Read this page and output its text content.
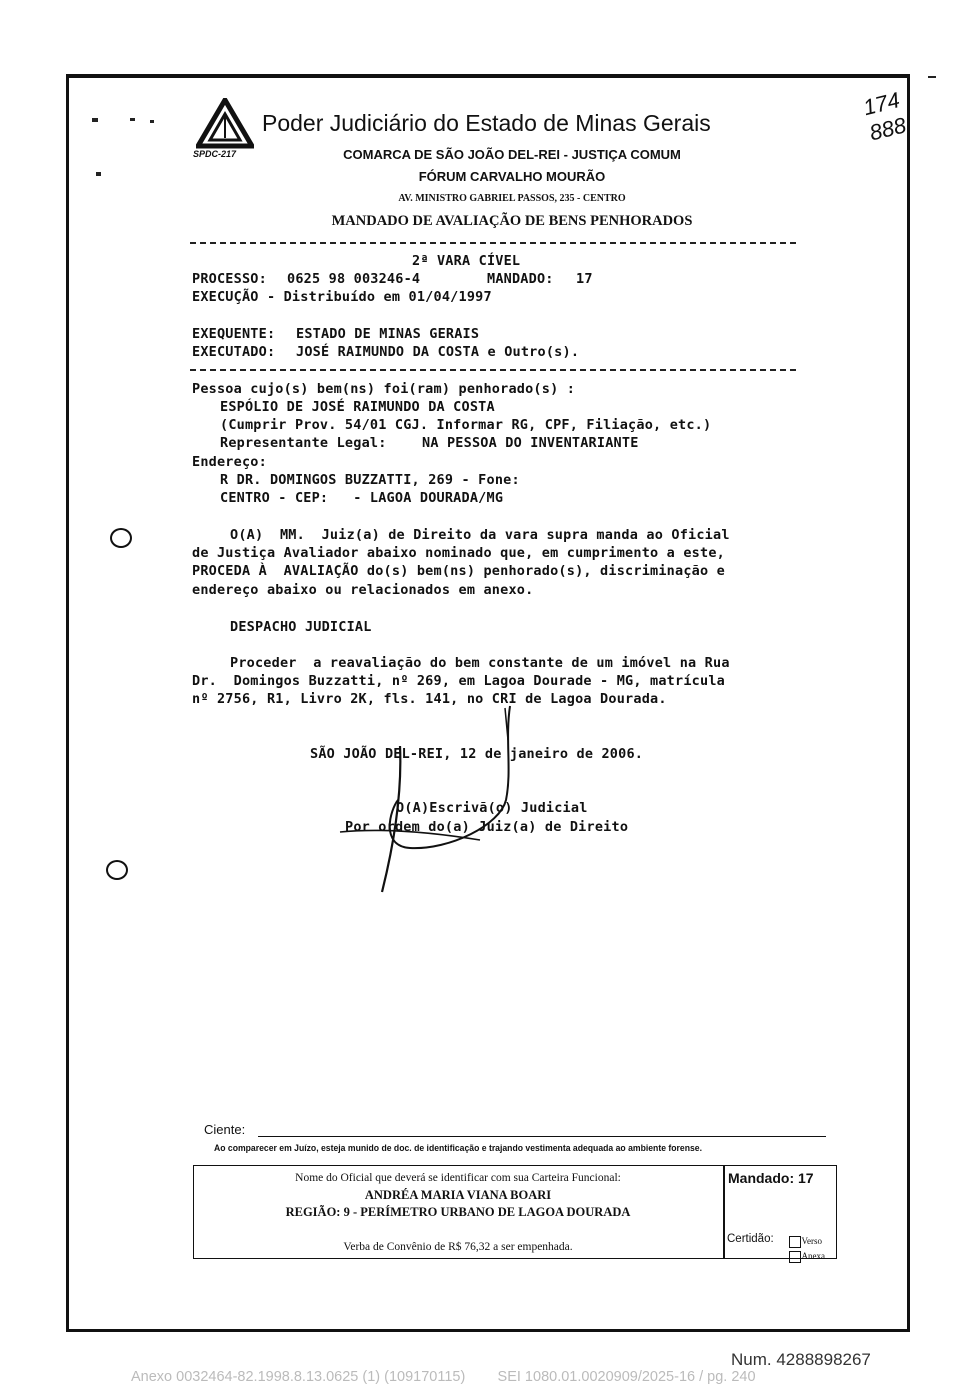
SPDC-217
Poder Judiciário do Estado de Minas Gerais
174 888
COMARCA DE SÃO JOÃO DEL-REI - JUSTIÇA COMUM
FÓRUM CARVALHO MOURÃO
AV. MINISTRO GABRIEL PASSOS, 235 - CENTRO
MANDADO DE AVALIAÇÃO DE BENS PENHORADOS
2ª VARA CÍVEL
PROCESSO: 0625 98 003246-4	MANDADO: 17
EXECUÇÃO - Distribuído em 01/04/1997
EXEQUENTE: ESTADO DE MINAS GERAIS
EXECUTADO: JOSÉ RAIMUNDO DA COSTA e Outro(s).
Pessoa cujo(s) bem(ns) foi(ram) penhorado(s) :
ESPÓLIO DE JOSÉ RAIMUNDO DA COSTA
(Cumprir Prov. 54/01 CGJ. Informar RG, CPF, Filiação, etc.)
Representante Legal:	NA PESSOA DO INVENTARIANTE
Endereço:
R DR. DOMINGOS BUZZATTI, 269 - Fone:
CENTRO - CEP:   - LAGOA DOURADA/MG
O(A)  MM.  Juiz(a) de Direito da vara supra manda ao Oficial
de Justiça Avaliador abaixo nominado que, em cumprimento a este,
PROCEDA À  AVALIAÇÃO do(s) bem(ns) penhorado(s), discriminação e
endereço abaixo ou relacionados em anexo.
DESPACHO JUDICIAL
Proceder  a reavaliação do bem constante de um imóvel na Rua
Dr.  Domingos Buzzatti, nº 269, em Lagoa Dourade - MG, matrícula
nº 2756, R1, Livro 2K, fls. 141, no CRI de Lagoa Dourada.
SÃO JOÃO DEL-REI, 12 de janeiro de 2006.
O(A)Escrivã(o) Judicial
Por ordem do(a) Juiz(a) de Direito
Ciente:
Ao comparecer em Juízo, esteja munido de doc. de identificação e trajando vestimenta adequada ao ambiente forense.
Nome do Oficial que deverá se identificar com sua Carteira Funcional:
ANDRÉA MARIA VIANA BOARI
REGIÃO: 9 - PERÍMETRO URBANO DE LAGOA DOURADA
Verba de Convênio de R$ 76,32 a ser empenhada.
Mandado: 17
Certidão:	Verso

Anexa

Num. 4288898267
Anexo 0032464-82.1998.8.13.0625 (1) (109170115)        SEI 1080.01.0020909/2025-16 / pg. 240
